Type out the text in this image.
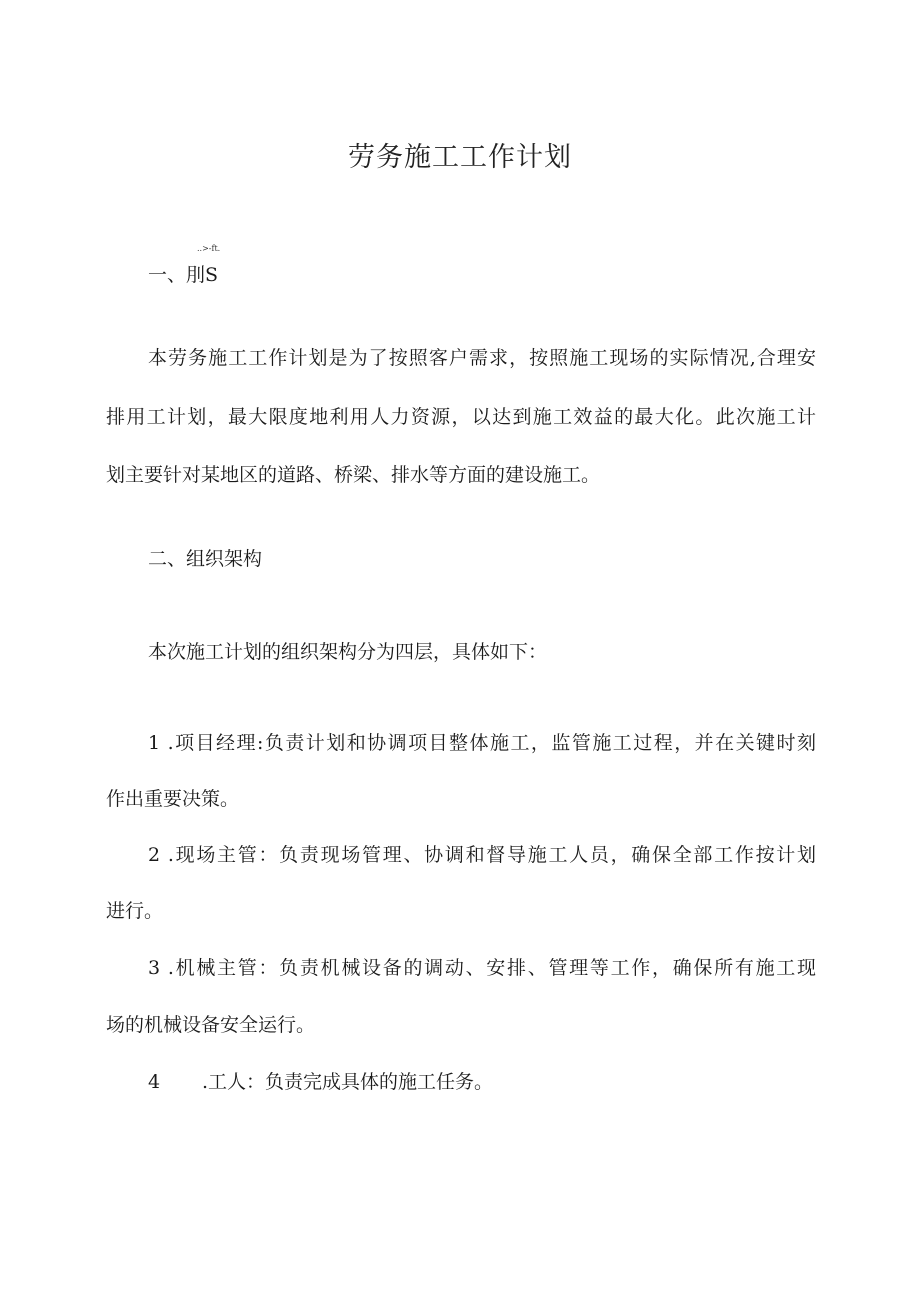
劳务施工工作计划
..>-ft.

一、刖S

本劳务施工工作计划是为了按照客户需求，按照施工现场的实际情况,合理安

排用工计划，最大限度地利用人力资源，以达到施工效益的最大化。此次施工计

划主要针对某地区的道路、桥梁、排水等方面的建设施工。

二、组织架构

本次施工计划的组织架构分为四层，具体如下：

1 .项目经理:负责计划和协调项目整体施工，监管施工过程，并在关键时刻

作出重要决策。

2 .现场主管：负责现场管理、协调和督导施工人员，确保全部工作按计划

进行。

3 .机械主管：负责机械设备的调动、安排、管理等工作，确保所有施工现

场的机械设备安全运行。

4 .工人：负责完成具体的施工任务。
